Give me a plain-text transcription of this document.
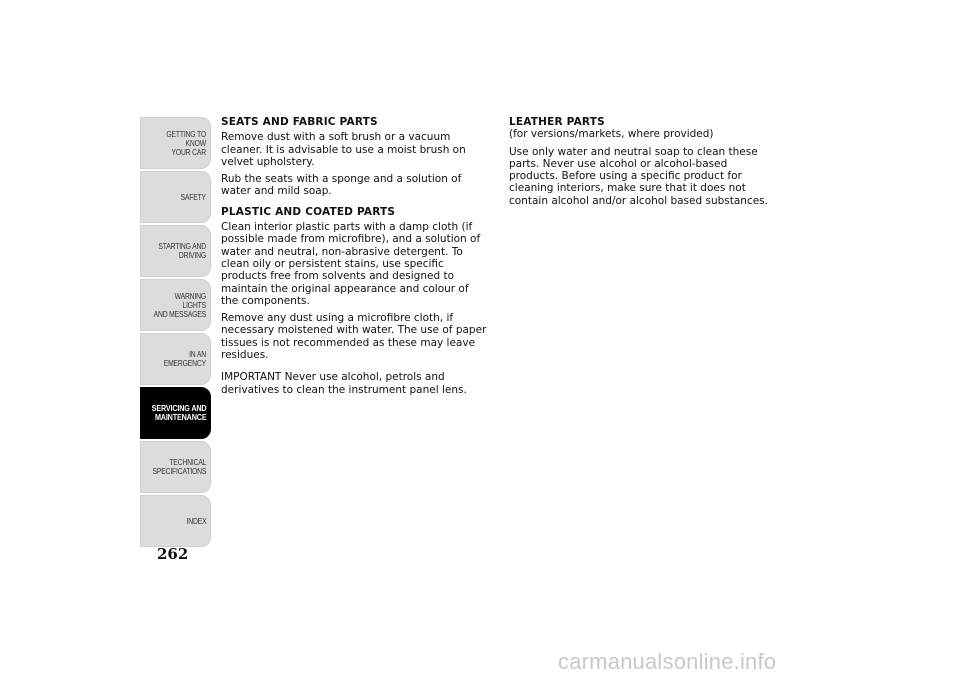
GETTING TO KNOW
YOUR CAR
SAFETY
STARTING AND
DRIVING
WARNING LIGHTS
AND MESSAGES
IN AN EMERGENCY
SERVICING AND
MAINTENANCE
TECHNICAL
SPECIFICATIONS
INDEX
262
SEATS AND FABRIC PARTS

Remove dust with a soft brush or a vacuum cleaner. It is advisable to use a moist brush on velvet upholstery.

Rub the seats with a sponge and a solution of water and mild soap.

PLASTIC AND COATED PARTS

Clean interior plastic parts with a damp cloth (if possible made from microfibre), and a solution of water and neutral, non-abrasive detergent. To clean oily or persistent stains, use specific products free from solvents and designed to maintain the original appearance and colour of the components.

Remove any dust using a microfibre cloth, if necessary moistened with water. The use of paper tissues is not recommended as these may leave residues.

IMPORTANT Never use alcohol, petrols and derivatives to clean the instrument panel lens.

LEATHER PARTS

(for versions/markets, where provided)

Use only water and neutral soap to clean these parts. Never use alcohol or alcohol-based products. Before using a specific product for cleaning interiors, make sure that it does not contain alcohol and/or alcohol based substances.

carmanualsonline.info
